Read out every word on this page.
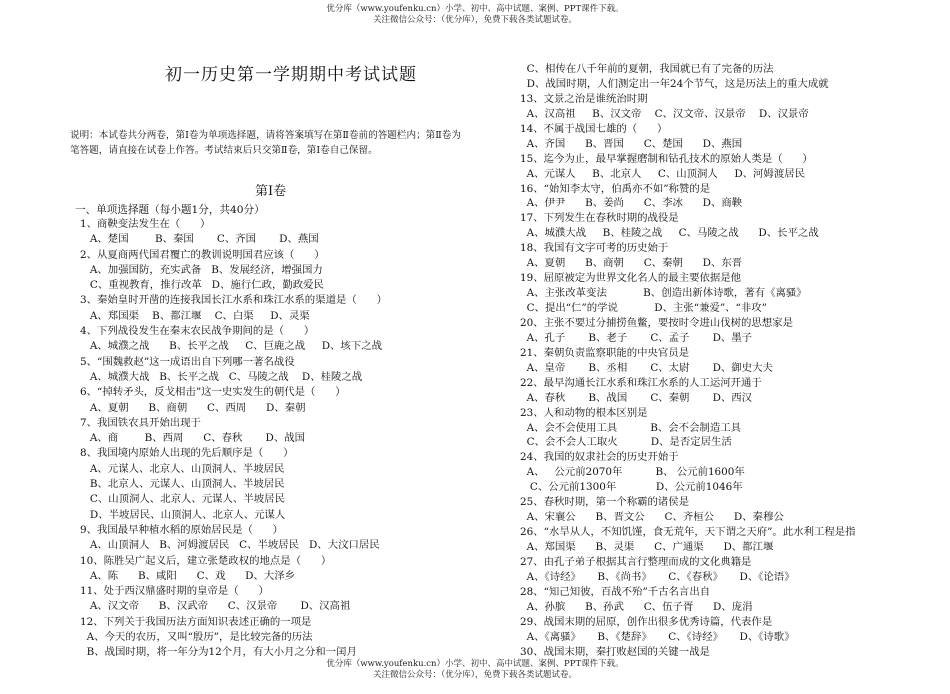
优分库（www.youfenku.cn）小学、初中、高中试题、案例、PPT课件下载。
关注微信公众号：（优分库），免费下载各类试题试卷。
初一历史第一学期期中考试试题
说明：本试卷共分两卷，第Ⅰ卷为单项选择题，请将答案填写在第Ⅱ卷前的答题栏内；第Ⅱ卷为笔答题，请直接在试卷上作答。考试结束后只交第Ⅱ卷，第Ⅰ卷自己保留。
第Ⅰ卷
一、单项选择题（每小题1分，共40分）
1、商鞅变法发生在（      ）
A、楚国        B、秦国       C、齐国       D、燕国
2、从夏商两代国君覆亡的教训说明国君应该（      ）
A、加强国防，充实武备   B、发展经济，增强国力
C、重视教育，推行改革   D、施行仁政，勤政爱民
3、秦始皇时开凿的连接我国长江水系和珠江水系的渠道是（      ）
A、郑国渠    B、都江堰    C、白渠     D、灵渠
4、下列战役发生在秦末农民战争期间的是（      ）
A、城濮之战      B、长平之战     C、巨鹿之战     D、垓下之战
5、“围魏救赵”这一成语出自下列哪一著名战役
A、城濮大战   B、长平之战   C、马陵之战    D、桂陵之战
6、“掉转矛头，反戈相击”这一史实发生的朝代是（      ）
A、夏朝      B、商朝      C、西周      D、秦朝
7、我国铁农具开始出现于
A、商        B、西周      C、春秋       D、战国
8、我国境内原始人出现的先后顺序是（      ）
A、元谋人、北京人、山顶洞人、半坡居民
B、北京人、元谋人、山顶洞人、半坡居民
C、山顶洞人、北京人、元谋人、半坡居民
D、半坡居民、山顶洞人、北京人、元谋人
9、我国最早种植水稻的原始居民是（      ）
A、山顶洞人   B、河姆渡居民   C、半坡居民   D、大汶口居民
10、陈胜吴广起义后，建立张楚政权的地点是（      ）
A、陈      B、咸阳      C、戏      D、大泽乡
11、处于西汉鼎盛时期的皇帝是（      ）
A、汉文帝      B、汉武帝      C、汉景帝       D、汉高祖
12、下列关于我国历法方面知识表述正确的一项是
A、今天的农历，又叫“殷历”，是比较完备的历法
B、战国时期，将一年分为12个月，有大小月之分和一闰月
C、相传在八千年前的夏朝，我国就已有了完备的历法
D、战国时期，人们测定出一年24个节气，这是历法上的重大成就
13、文景之治是谁统治时期
A、汉高祖     B、汉文帝    C、汉文帝、汉景帝    D、汉景帝
14、不属于战国七雄的（      ）
A、齐国      B、晋国      C、楚国      D、燕国
15、迄今为止，最早掌握磨制和钻孔技术的原始人类是（      ）
A、元谋人     B、北京人     C、山顶洞人     D、河姆渡居民
16、“始知李太守，伯禹亦不如”称赞的是
A、伊尹      B、姜尚      C、李冰      D、商鞅
17、下列发生在春秋时期的战役是
A、城濮大战     B、桂陵之战     C、马陵之战      D、长平之战
18、我国有文字可考的历史始于
A、夏朝      B、商朝      C、秦朝      D、东晋
19、屈原被定为世界文化名人的最主要依据是他
A、主张改革变法           B、创造出新体诗歌，著有《离骚》
C、提出“仁”的学说           D、主张“兼爱”、“非攻”
20、主张不要过分捕捞鱼鳖，要按时令进山伐树的思想家是
A、孔子       B、老子       C、孟子       D、墨子
21、秦朝负责监察职能的中央官员是
A、皇帝       B、丞相       C、太尉       D、御史大夫
22、最早沟通长江水系和珠江水系的人工运河开通于
A、春秋       B、战国       C、秦朝       D、西汉
23、人和动物的根本区别是
A、会不会使用工具          B、会不会制造工具
C、会不会人工取火          D、是否定居生活
24、我国的奴隶社会的历史开始于
A、   公元前2070年          B、 公元前1600年
C、公元前1300年            D、公元前1046年
25、春秋时期，第一个称霸的诸侯是
A、宋襄公      B、晋文公      C、齐桓公      D、秦穆公
26、“水旱从人，不知饥馑，食无荒年，天下谓之天府”。此水利工程是指
A、郑国渠      B、灵渠      C、广通渠      D、都江堰
27、由孔子弟子根据其言行整理而成的文化典籍是
A、《诗经》     B、《尚书》     C、《春秋》     D、《论语》
28、“知己知彼，百战不殆”千古名言出自
A、孙膑      B、孙武      C、伍子胥      D、庞涓
29、战国末期的屈原，创作出很多优秀诗篇，代表作是
A、《离骚》     B、《楚辞》     C、《诗经》     D、《诗歌》
30、战国末期，秦打败赵国的关键一战是
优分库（www.youfenku.cn）小学、初中、高中试题、案例、PPT课件下载。
关注微信公众号：（优分库），免费下载各类试题试卷。
